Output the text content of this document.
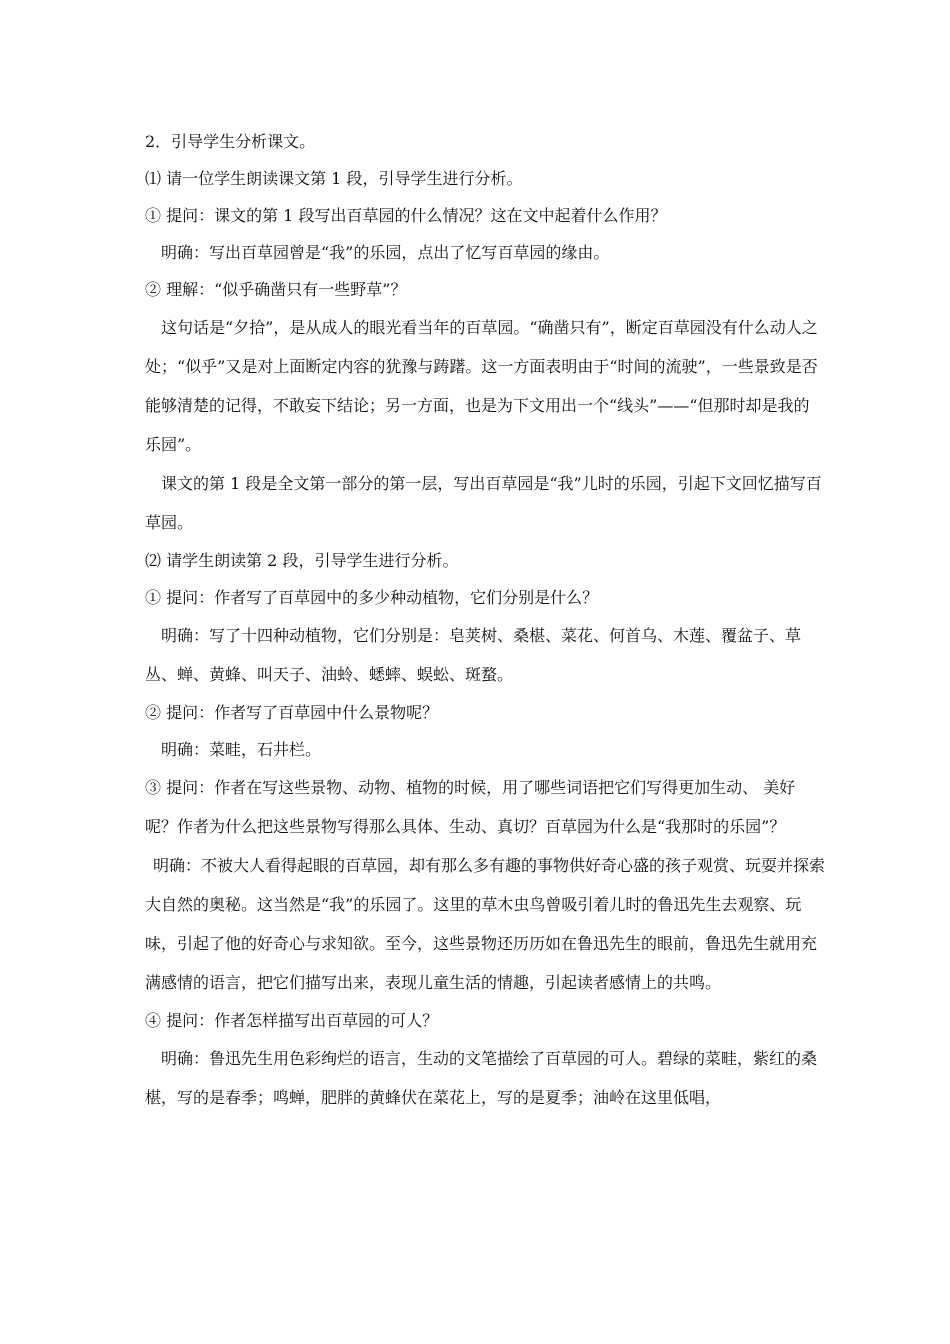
2．引导学生分析课文。

⑴ 请一位学生朗读课文第 1 段，引导学生进行分析。

① 提问：课文的第 1 段写出百草园的什么情况？这在文中起着什么作用？

明确：写出百草园曾是“我”的乐园，点出了忆写百草园的缘由。

② 理解：“似乎确凿只有一些野草”？

这句话是“夕拾”，是从成人的眼光看当年的百草园。“确凿只有”，断定百草园没有什么动人之处；“似乎”又是对上面断定内容的犹豫与踌躇。这一方面表明由于“时间的流驶”，一些景致是否能够清楚的记得，不敢妄下结论；另一方面，也是为下文用出一个“线头”——“但那时却是我的乐园”。

课文的第 1 段是全文第一部分的第一层，写出百草园是“我”儿时的乐园，引起下文回忆描写百草园。

⑵ 请学生朗读第 2 段，引导学生进行分析。

① 提问：作者写了百草园中的多少种动植物，它们分别是什么？

明确：写了十四种动植物，它们分别是：皂荚树、桑椹、菜花、何首乌、木莲、覆盆子、草丛、蝉、黄蜂、叫天子、油蛉、蟋蟀、蜈蚣、斑蝥。

② 提问：作者写了百草园中什么景物呢？

明确：菜畦，石井栏。

③ 提问：作者在写这些景物、动物、植物的时候，用了哪些词语把它们写得更加生动、 美好呢？作者为什么把这些景物写得那么具体、生动、真切？百草园为什么是“我那时的乐园”？

明确：不被大人看得起眼的百草园，却有那么多有趣的事物供好奇心盛的孩子观赏、玩耍并探索大自然的奥秘。这当然是“我”的乐园了。这里的草木虫鸟曾吸引着儿时的鲁迅先生去观察、玩味，引起了他的好奇心与求知欲。至今，这些景物还历历如在鲁迅先生的眼前，鲁迅先生就用充满感情的语言，把它们描写出来，表现儿童生活的情趣，引起读者感情上的共鸣。

④ 提问：作者怎样描写出百草园的可人？

明确：鲁迅先生用色彩绚烂的语言，生动的文笔描绘了百草园的可人。碧绿的菜畦，紫红的桑椹，写的是春季；鸣蝉，肥胖的黄蜂伏在菜花上，写的是夏季；油岭在这里低唱，
